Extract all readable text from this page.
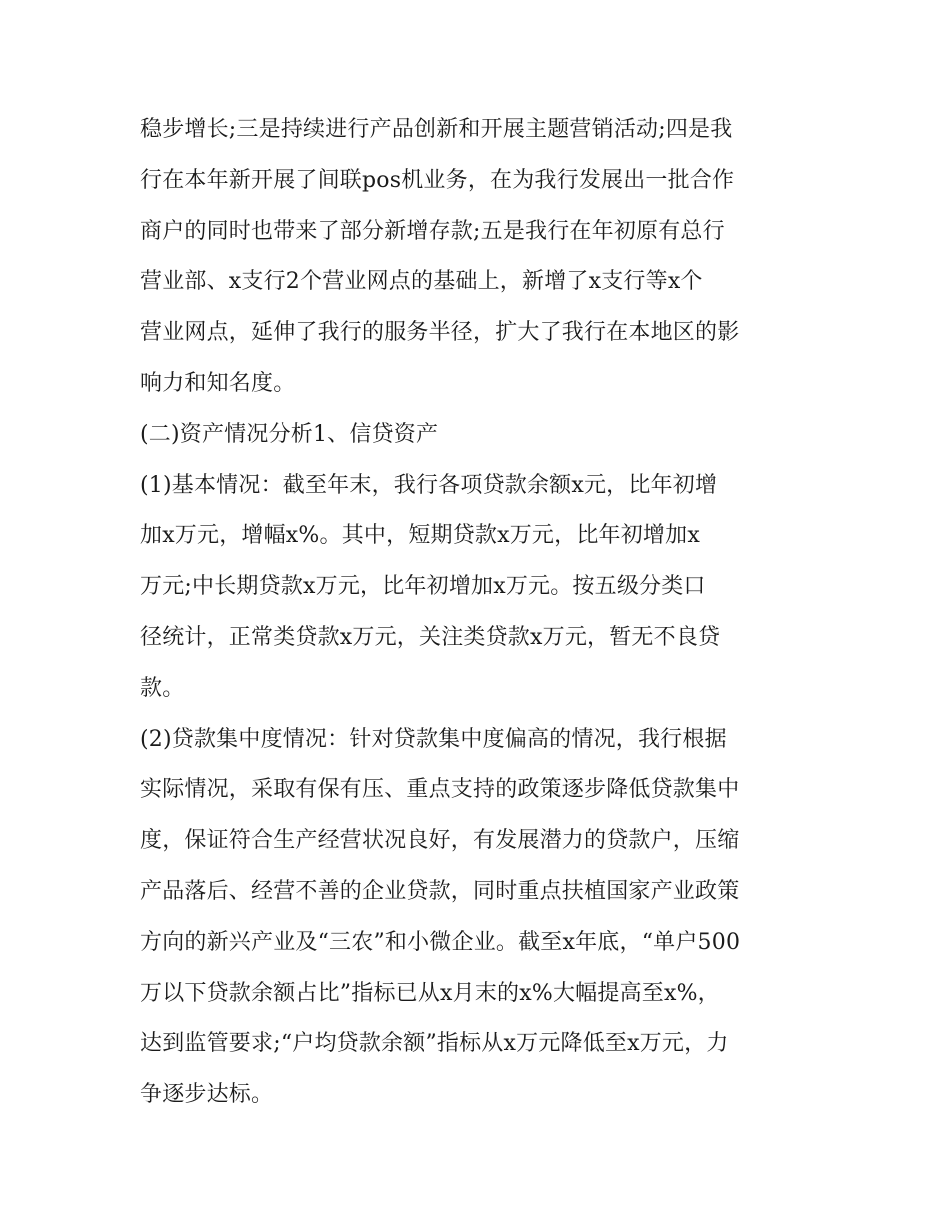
稳步增长;三是持续进行产品创新和开展主题营销活动;四是我
行在本年新开展了间联pos机业务，在为我行发展出一批合作
商户的同时也带来了部分新增存款;五是我行在年初原有总行
营业部、x支行2个营业网点的基础上，新增了x支行等x个
营业网点，延伸了我行的服务半径，扩大了我行在本地区的影
响力和知名度。
(二)资产情况分析1、信贷资产
(1)基本情况：截至年末，我行各项贷款余额x元，比年初增
加x万元，增幅x%。其中，短期贷款x万元，比年初增加x
万元;中长期贷款x万元，比年初增加x万元。按五级分类口
径统计，正常类贷款x万元，关注类贷款x万元，暂无不良贷
款。
(2)贷款集中度情况：针对贷款集中度偏高的情况，我行根据
实际情况，采取有保有压、重点支持的政策逐步降低贷款集中
度，保证符合生产经营状况良好，有发展潜力的贷款户，压缩
产品落后、经营不善的企业贷款，同时重点扶植国家产业政策
方向的新兴产业及“三农”和小微企业。截至x年底，“单户500
万以下贷款余额占比”指标已从x月末的x%大幅提高至x%，
达到监管要求;“户均贷款余额”指标从x万元降低至x万元，力
争逐步达标。
